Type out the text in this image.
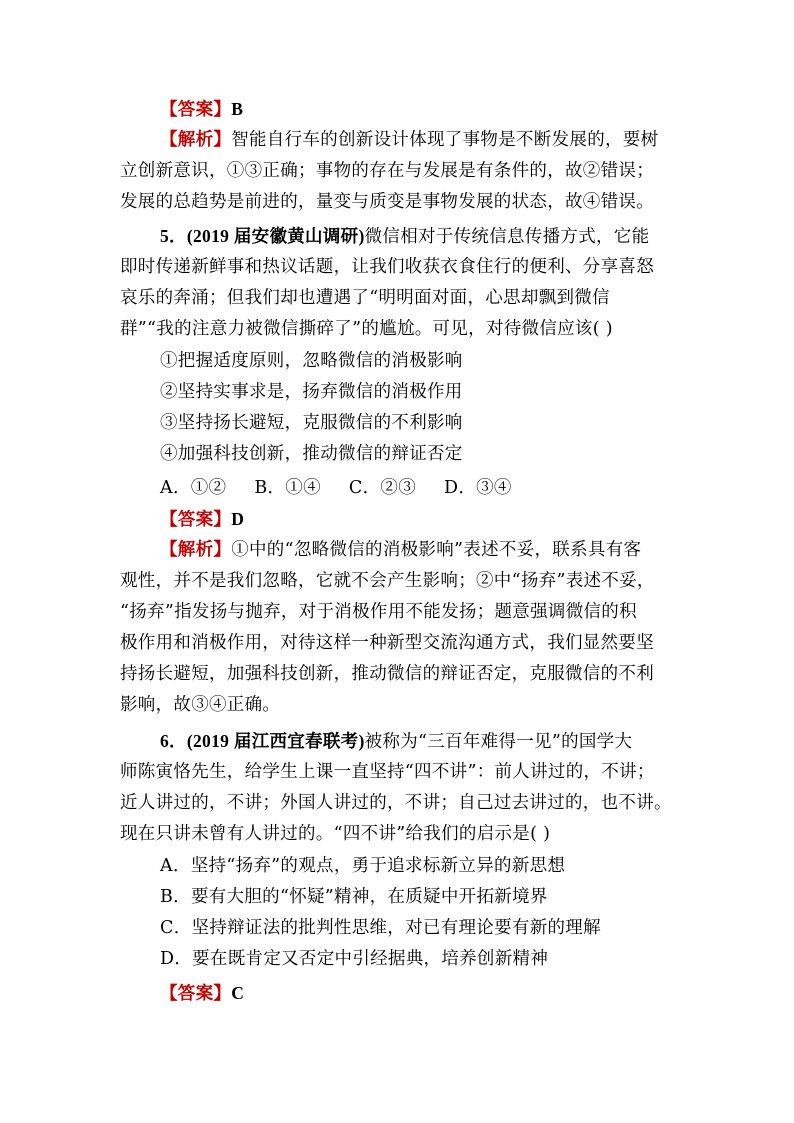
【答案】B
【解析】智能自行车的创新设计体现了事物是不断发展的，要树
立创新意识，①③正确；事物的存在与发展是有条件的，故②错误；
发展的总趋势是前进的，量变与质变是事物发展的状态，故④错误。
5．(2019 届安徽黄山调研)微信相对于传统信息传播方式，它能
即时传递新鲜事和热议话题，让我们收获衣食住行的便利、分享喜怒
哀乐的奔涌；但我们却也遭遇了“明明面对面，心思却飘到微信
群”“我的注意力被微信撕碎了”的尴尬。可见，对待微信应该( )
①把握适度原则，忽略微信的消极影响
②坚持实事求是，扬弃微信的消极作用
③坚持扬长避短，克服微信的不利影响
④加强科技创新，推动微信的辩证否定
A．①② B．①④ C．②③ D．③④
【答案】D
【解析】①中的“忽略微信的消极影响”表述不妥，联系具有客
观性，并不是我们忽略，它就不会产生影响；②中“扬弃”表述不妥，
“扬弃”指发扬与抛弃，对于消极作用不能发扬；题意强调微信的积
极作用和消极作用，对待这样一种新型交流沟通方式，我们显然要坚
持扬长避短，加强科技创新，推动微信的辩证否定，克服微信的不利
影响，故③④正确。
6．(2019 届江西宜春联考)被称为“三百年难得一见”的国学大
师陈寅恪先生，给学生上课一直坚持“四不讲”：前人讲过的，不讲；
近人讲过的，不讲；外国人讲过的，不讲；自己过去讲过的，也不讲。
现在只讲未曾有人讲过的。“四不讲”给我们的启示是( )
A．坚持“扬弃”的观点，勇于追求标新立异的新思想
B．要有大胆的“怀疑”精神，在质疑中开拓新境界
C．坚持辩证法的批判性思维，对已有理论要有新的理解
D．要在既肯定又否定中引经据典，培养创新精神
【答案】C
